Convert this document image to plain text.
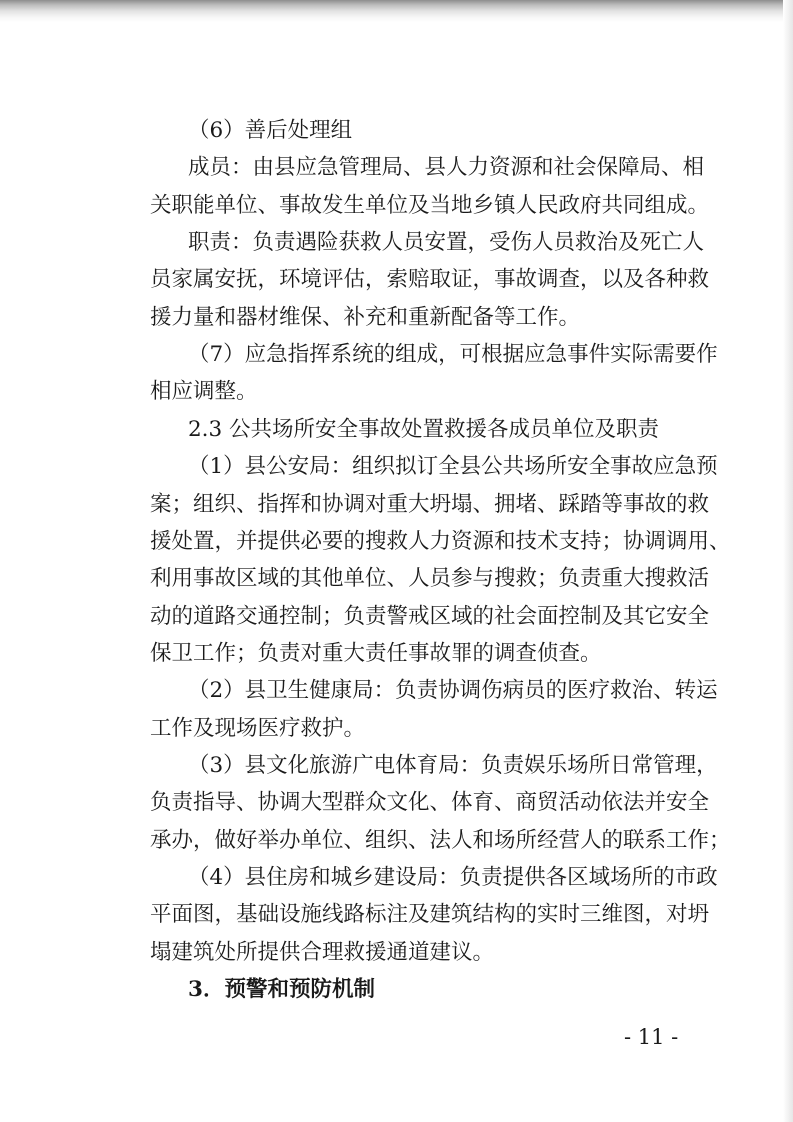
（6）善后处理组
成员：由县应急管理局、县人力资源和社会保障局、相
关职能单位、事故发生单位及当地乡镇人民政府共同组成。
职责：负责遇险获救人员安置，受伤人员救治及死亡人
员家属安抚，环境评估，索赔取证，事故调查，以及各种救
援力量和器材维保、补充和重新配备等工作。
（7）应急指挥系统的组成，可根据应急事件实际需要作
相应调整。
2.3 公共场所安全事故处置救援各成员单位及职责
（1）县公安局：组织拟订全县公共场所安全事故应急预
案；组织、指挥和协调对重大坍塌、拥堵、踩踏等事故的救
援处置，并提供必要的搜救人力资源和技术支持；协调调用、
利用事故区域的其他单位、人员参与搜救；负责重大搜救活
动的道路交通控制；负责警戒区域的社会面控制及其它安全
保卫工作；负责对重大责任事故罪的调查侦查。
（2）县卫生健康局：负责协调伤病员的医疗救治、转运
工作及现场医疗救护。
（3）县文化旅游广电体育局：负责娱乐场所日常管理，
负责指导、协调大型群众文化、体育、商贸活动依法并安全
承办，做好举办单位、组织、法人和场所经营人的联系工作；
（4）县住房和城乡建设局：负责提供各区域场所的市政
平面图，基础设施线路标注及建筑结构的实时三维图，对坍
塌建筑处所提供合理救援通道建议。
3．预警和预防机制
- 11 -
